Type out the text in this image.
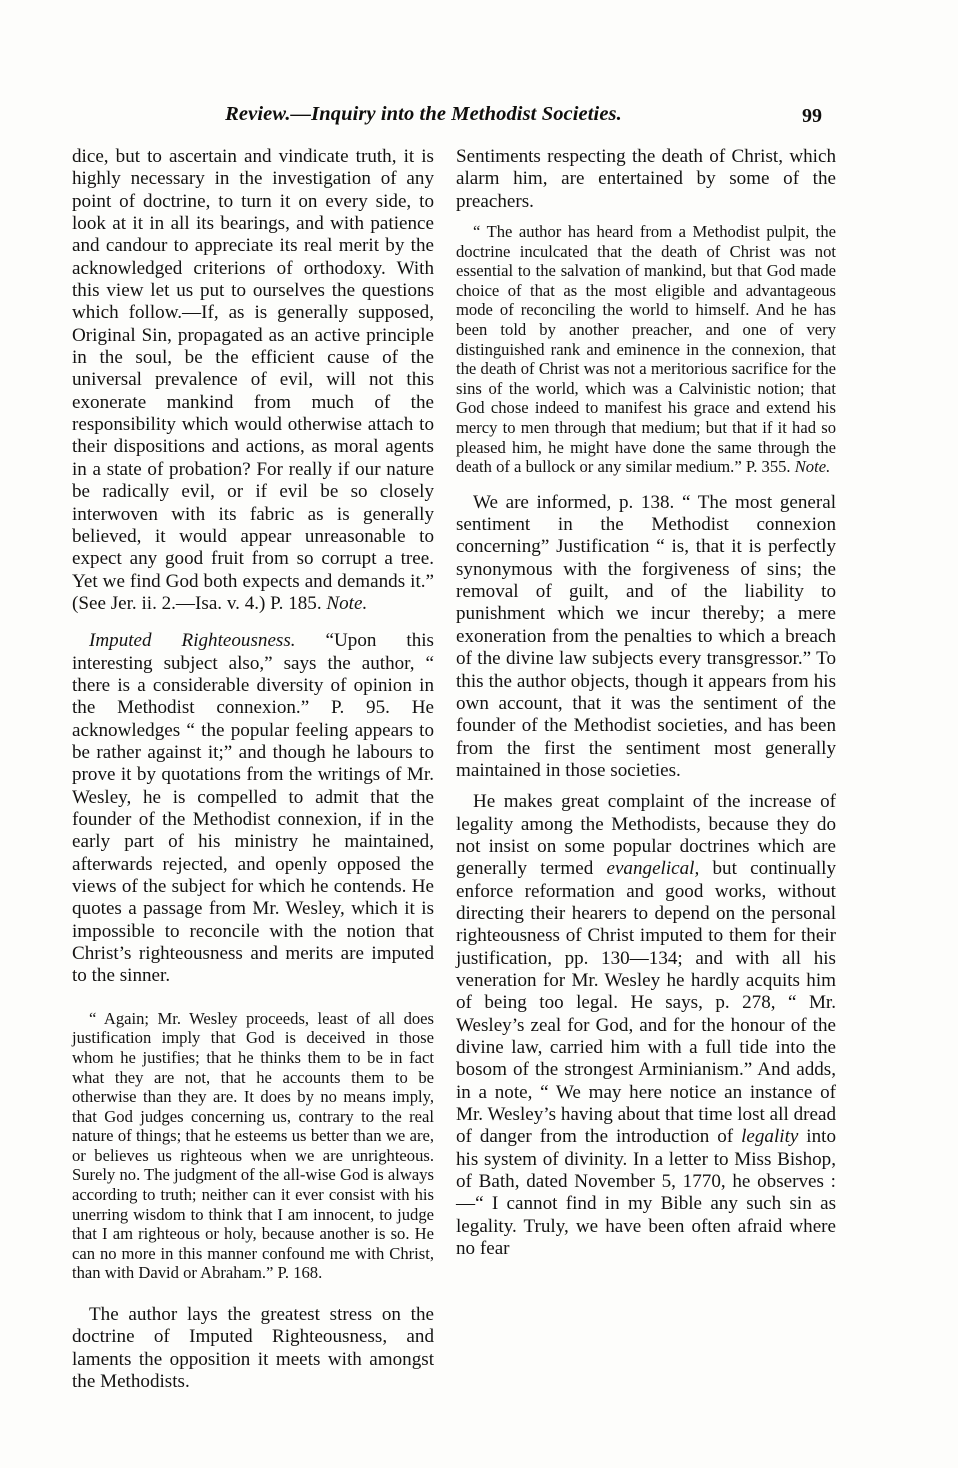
Review.—Inquiry into the Methodist Societies.	99

dice, but to ascertain and vindicate truth, it is highly necessary in the investigation of any point of doctrine, to turn it on every side, to look at it in all its bearings, and with patience and candour to appreciate its real merit by the acknowledged criterions of orthodoxy. With this view let us put to ourselves the questions which follow.—If, as is generally supposed, Original Sin, propagated as an active principle in the soul, be the efficient cause of the universal prevalence of evil, will not this exonerate mankind from much of the responsibility which would otherwise attach to their dispositions and actions, as moral agents in a state of probation? For really if our nature be radically evil, or if evil be so closely interwoven with its fabric as is generally believed, it would appear unreasonable to expect any good fruit from so corrupt a tree. Yet we find God both expects and demands it.” (See Jer. ii. 2.—Isa. v. 4.) P. 185. Note.

Imputed Righteousness. “Upon this interesting subject also,” says the author, “ there is a considerable diversity of opinion in the Methodist connexion.” P. 95. He acknowledges “ the popular feeling appears to be rather against it;” and though he labours to prove it by quotations from the writings of Mr. Wesley, he is compelled to admit that the founder of the Methodist connexion, if in the early part of his ministry he maintained, afterwards rejected, and openly opposed the views of the subject for which he contends. He quotes a passage from Mr. Wesley, which it is impossible to reconcile with the notion that Christ’s righteousness and merits are imputed to the sinner.

“ Again; Mr. Wesley proceeds, least of all does justification imply that God is deceived in those whom he justifies; that he thinks them to be in fact what they are not, that he accounts them to be otherwise than they are. It does by no means imply, that God judges concerning us, contrary to the real nature of things; that he esteems us better than we are, or believes us righteous when we are unrighteous. Surely no. The judgment of the all-wise God is always according to truth; neither can it ever consist with his unerring wisdom to think that I am innocent, to judge that I am righteous or holy, because another is so. He can no more in this manner confound me with Christ, than with David or Abraham.” P. 168.

The author lays the greatest stress on the doctrine of Imputed Righteousness, and laments the opposition it meets with amongst the Methodists.

Sentiments respecting the death of Christ, which alarm him, are entertained by some of the preachers.

“ The author has heard from a Methodist pulpit, the doctrine inculcated that the death of Christ was not essential to the salvation of mankind, but that God made choice of that as the most eligible and advantageous mode of reconciling the world to himself. And he has been told by another preacher, and one of very distinguished rank and eminence in the connexion, that the death of Christ was not a meritorious sacrifice for the sins of the world, which was a Calvinistic notion; that God chose indeed to manifest his grace and extend his mercy to men through that medium; but that if it had so pleased him, he might have done the same through the death of a bullock or any similar medium.” P. 355. Note.

We are informed, p. 138. “ The most general sentiment in the Methodist connexion concerning” Justification “ is, that it is perfectly synonymous with the forgiveness of sins; the removal of guilt, and of the liability to punishment which we incur thereby; a mere exoneration from the penalties to which a breach of the divine law subjects every transgressor.” To this the author objects, though it appears from his own account, that it was the sentiment of the founder of the Methodist societies, and has been from the first the sentiment most generally maintained in those societies.

He makes great complaint of the increase of legality among the Methodists, because they do not insist on some popular doctrines which are generally termed evangelical, but continually enforce reformation and good works, without directing their hearers to depend on the personal righteousness of Christ imputed to them for their justification, pp. 130—134; and with all his veneration for Mr. Wesley he hardly acquits him of being too legal. He says, p. 278, “ Mr. Wesley’s zeal for God, and for the honour of the divine law, carried him with a full tide into the bosom of the strongest Arminianism.” And adds, in a note, “ We may here notice an instance of Mr. Wesley’s having about that time lost all dread of danger from the introduction of legality into his system of divinity. In a letter to Miss Bishop, of Bath, dated November 5, 1770, he observes :—“ I cannot find in my Bible any such sin as legality. Truly, we have been often afraid where no fear
